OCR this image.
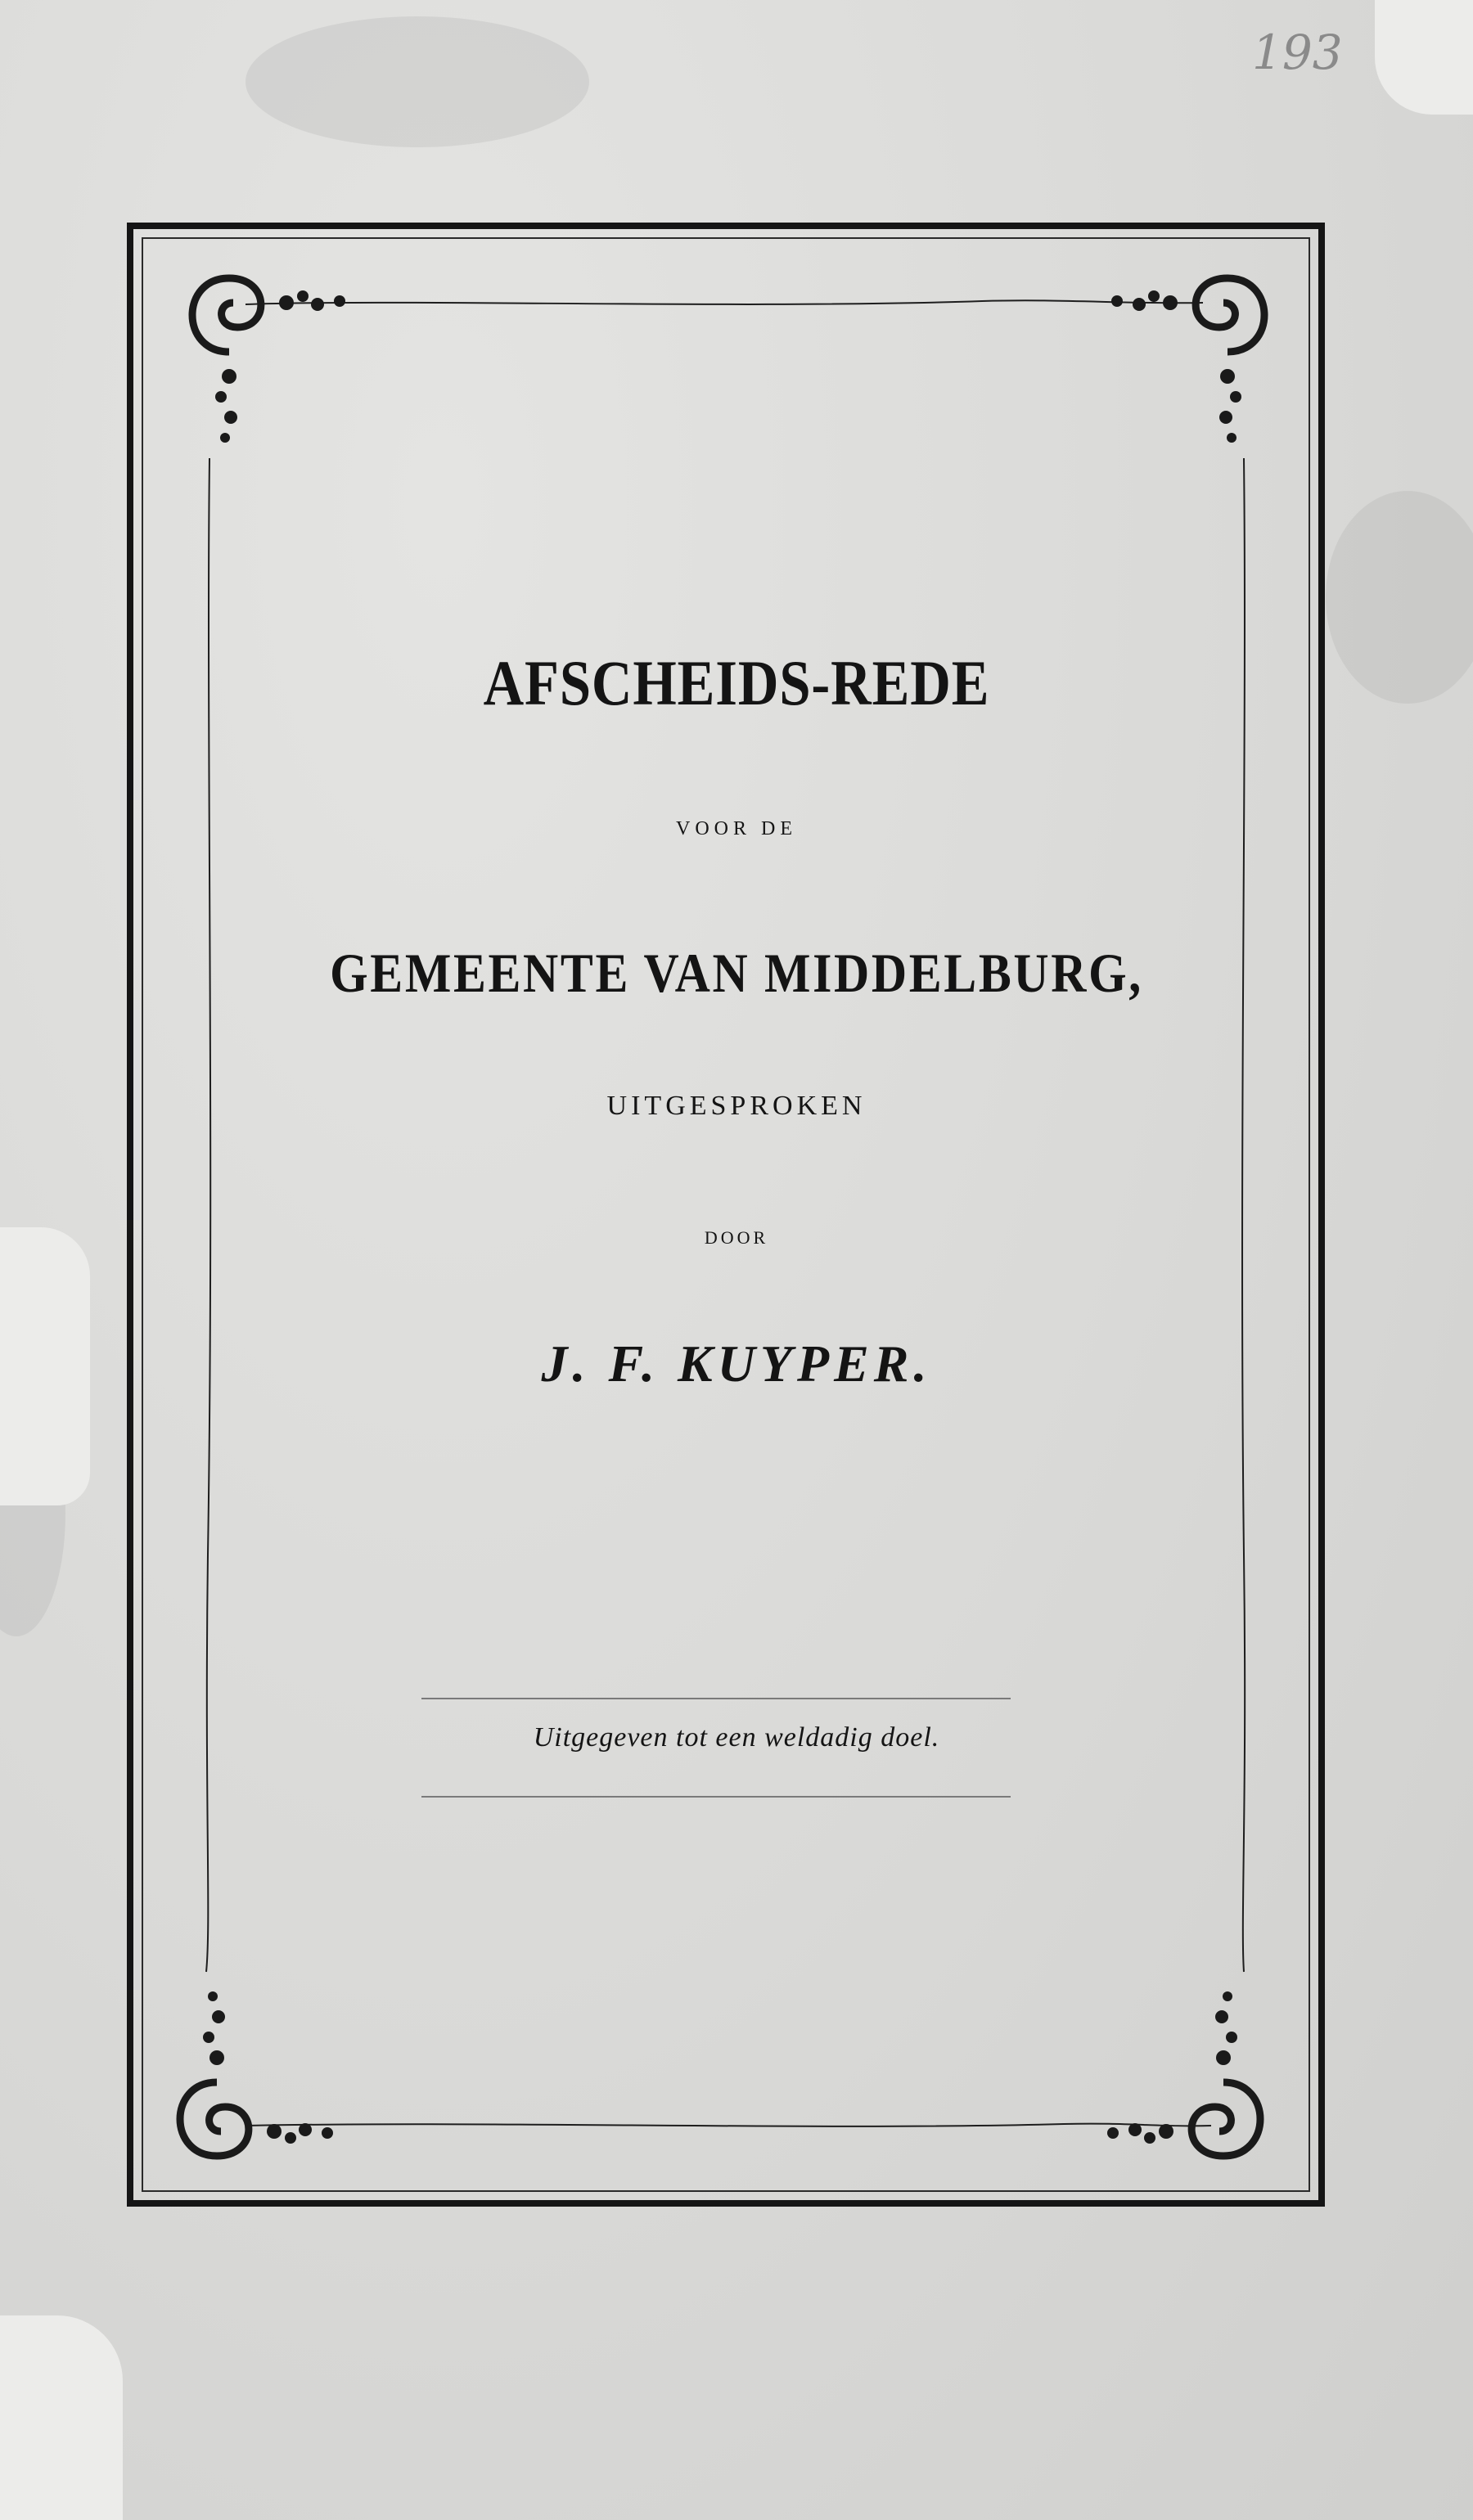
193
AFSCHEIDS-REDE
VOOR DE
GEMEENTE VAN MIDDELBURG,
UITGESPROKEN
DOOR
J. F. KUYPER.
Uitgegeven tot een weldadig doel.
